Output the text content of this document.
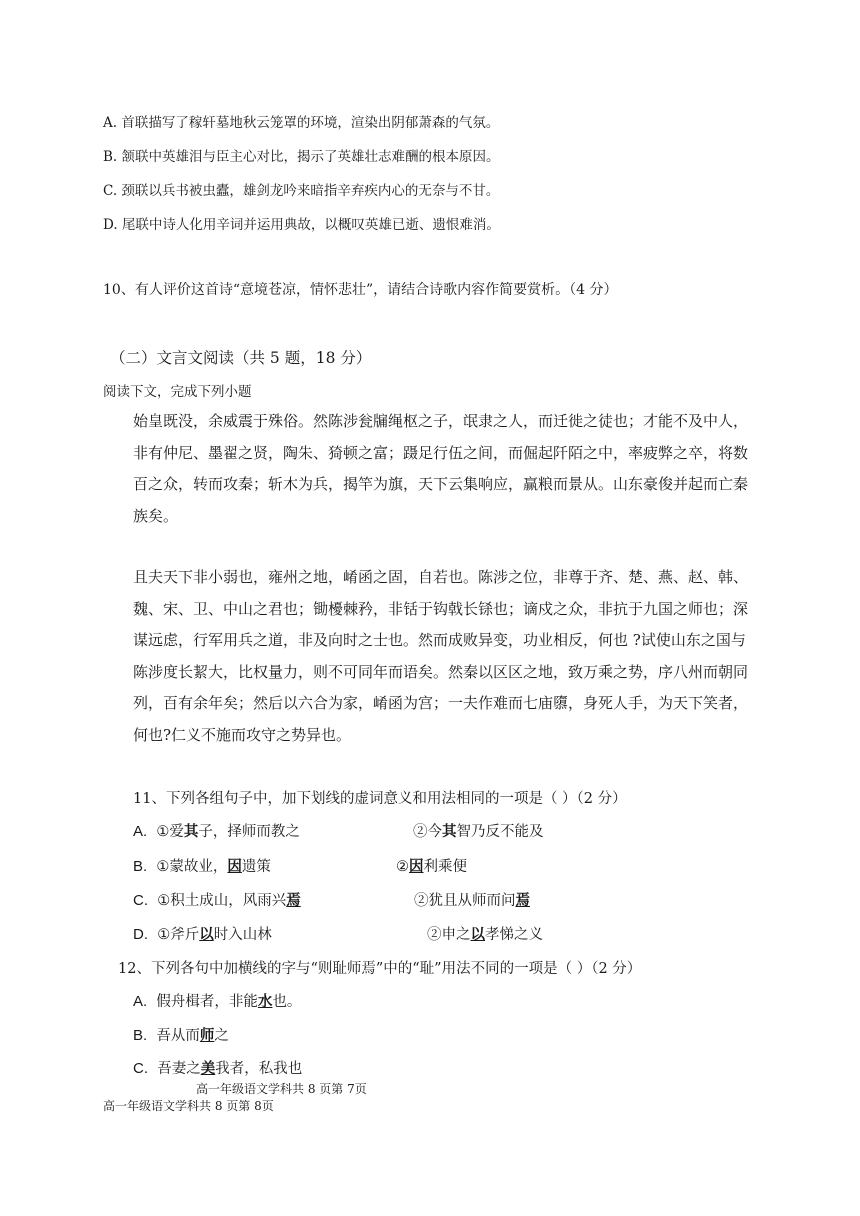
A. 首联描写了稼轩墓地秋云笼罩的环境，渲染出阴郁萧森的气氛。
B. 颔联中英雄泪与臣主心对比，揭示了英雄壮志难酬的根本原因。
C. 颈联以兵书被虫蠹，雄剑龙吟来暗指辛弃疾内心的无奈与不甘。
D. 尾联中诗人化用辛词并运用典故，以概叹英雄已逝、遗恨难消。
10、有人评价这首诗“意境苍凉，情怀悲壮”，请结合诗歌内容作简要赏析。（4 分）
（二）文言文阅读（共 5 题，18 分）
阅读下文，完成下列小题
始皇既没，余威震于殊俗。然陈涉瓮牖绳枢之子，氓隶之人，而迁徙之徒也；才能不及中人，
非有仲尼、墨翟之贤，陶朱、猗顿之富；蹑足行伍之间，而倔起阡陌之中，率疲弊之卒，将数
百之众，转而攻秦；斩木为兵，揭竿为旗，天下云集响应，赢粮而景从。山东豪俊并起而亡秦
族矣。
且夫天下非小弱也，雍州之地，崤函之固，自若也。陈涉之位，非尊于齐、楚、燕、赵、韩、
魏、宋、卫、中山之君也；锄櫌棘矜，非铦于钩戟长铩也；谪戍之众，非抗于九国之师也；深
谋远虑，行军用兵之道，非及向时之士也。然而成败异变，功业相反，何也 ?试使山东之国与
陈涉度长絜大，比权量力，则不可同年而语矣。然秦以区区之地，致万乘之势，序八州而朝同
列，百有余年矣；然后以六合为家，崤函为宫；一夫作难而七庙隳，身死人手，为天下笑者，
何也?仁义不施而攻守之势异也。
11、下列各组句子中，加下划线的虚词意义和用法相同的一项是（ ）（2 分）
A. ①爱其子，择师而教之	②今其智乃反不能及
B. ①蒙故业，因遗策	②因利乘便
C. ①积土成山，风雨兴焉	②犹且从师而问焉
D. ①斧斤以时入山林	②申之以孝悌之义
12、下列各句中加横线的字与“则耻师焉”中的“耻”用法不同的一项是（ ）（2 分）
A. 假舟楫者，非能水也。
B. 吾从而师之
C. 吾妻之美我者，私我也
高一年级语文学科共 8 页第 7页
高一年级语文学科共 8 页第 8页
